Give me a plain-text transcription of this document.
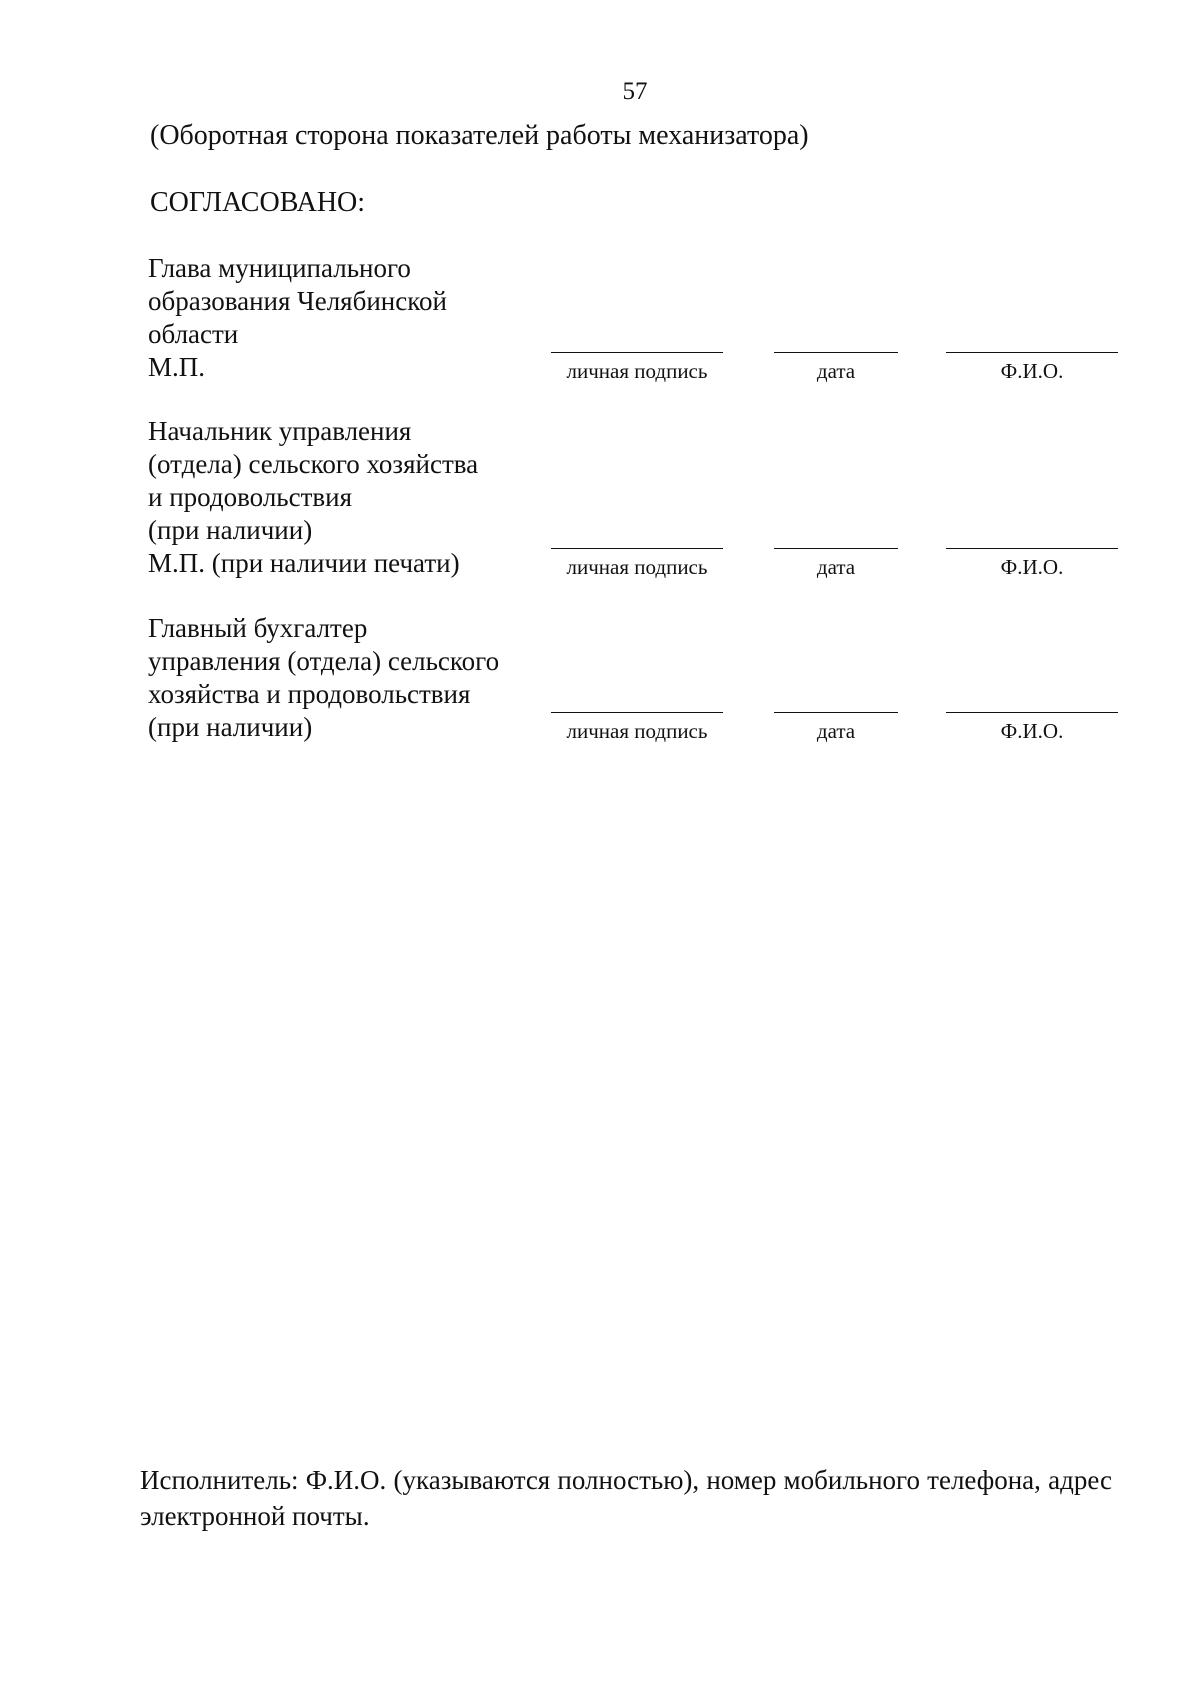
57
(Оборотная сторона показателей работы механизатора)
СОГЛАСОВАНО:
Глава муниципального
образования Челябинской
области
М.П.	личная подпись	дата	Ф.И.О.
Начальник управления
(отдела) сельского хозяйства
и продовольствия
(при наличии)
М.П. (при наличии печати)	личная подпись	дата	Ф.И.О.
Главный бухгалтер
управления (отдела) сельского
хозяйства и продовольствия
(при наличии)	личная подпись	дата	Ф.И.О.
Исполнитель: Ф.И.О. (указываются полностью), номер мобильного телефона, адрес электронной почты.
